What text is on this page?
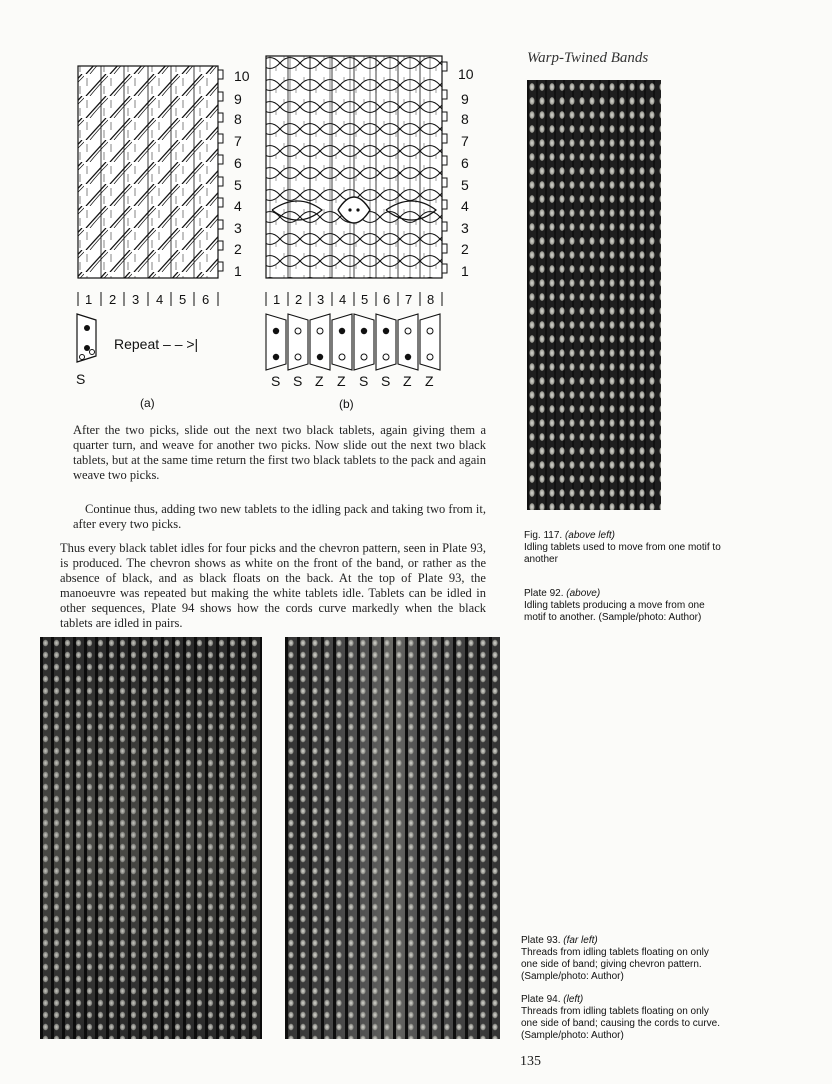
Warp-Twined Bands
10
9
8
7
6
5
4
3
2
1
1 2 3 4 5 6
S
Repeat – – >|
(a)
10
9
8
7
6
5
4
3
2
1
1 2 3 4 5 6 7 8
S S Z Z S S Z Z
(b)
After the two picks, slide out the next two black tablets, again giving them a quarter turn, and weave for another two picks. Now slide out the next two black tablets, but at the same time return the first two black tablets to the pack and again weave two picks.
Continue thus, adding two new tablets to the idling pack and taking two from it, after every two picks.
Thus every black tablet idles for four picks and the chevron pattern, seen in Plate 93, is produced. The chevron shows as white on the front of the band, or rather as the absence of black, and as black floats on the back. At the top of Plate 93, the manoeuvre was repeated but making the white tablets idle. Tablets can be idled in other sequences, Plate 94 shows how the cords curve markedly when the black tablets are idled in pairs.
Fig. 117. (above left)
Idling tablets used to move from one motif to another
Plate 92. (above)
Idling tablets producing a move from one motif to another. (Sample/photo: Author)
Plate 93. (far left)
Threads from idling tablets floating on only one side of band; giving chevron pattern. (Sample/photo: Author)
Plate 94. (left)
Threads from idling tablets floating on only one side of band; causing the cords to curve. (Sample/photo: Author)
135
